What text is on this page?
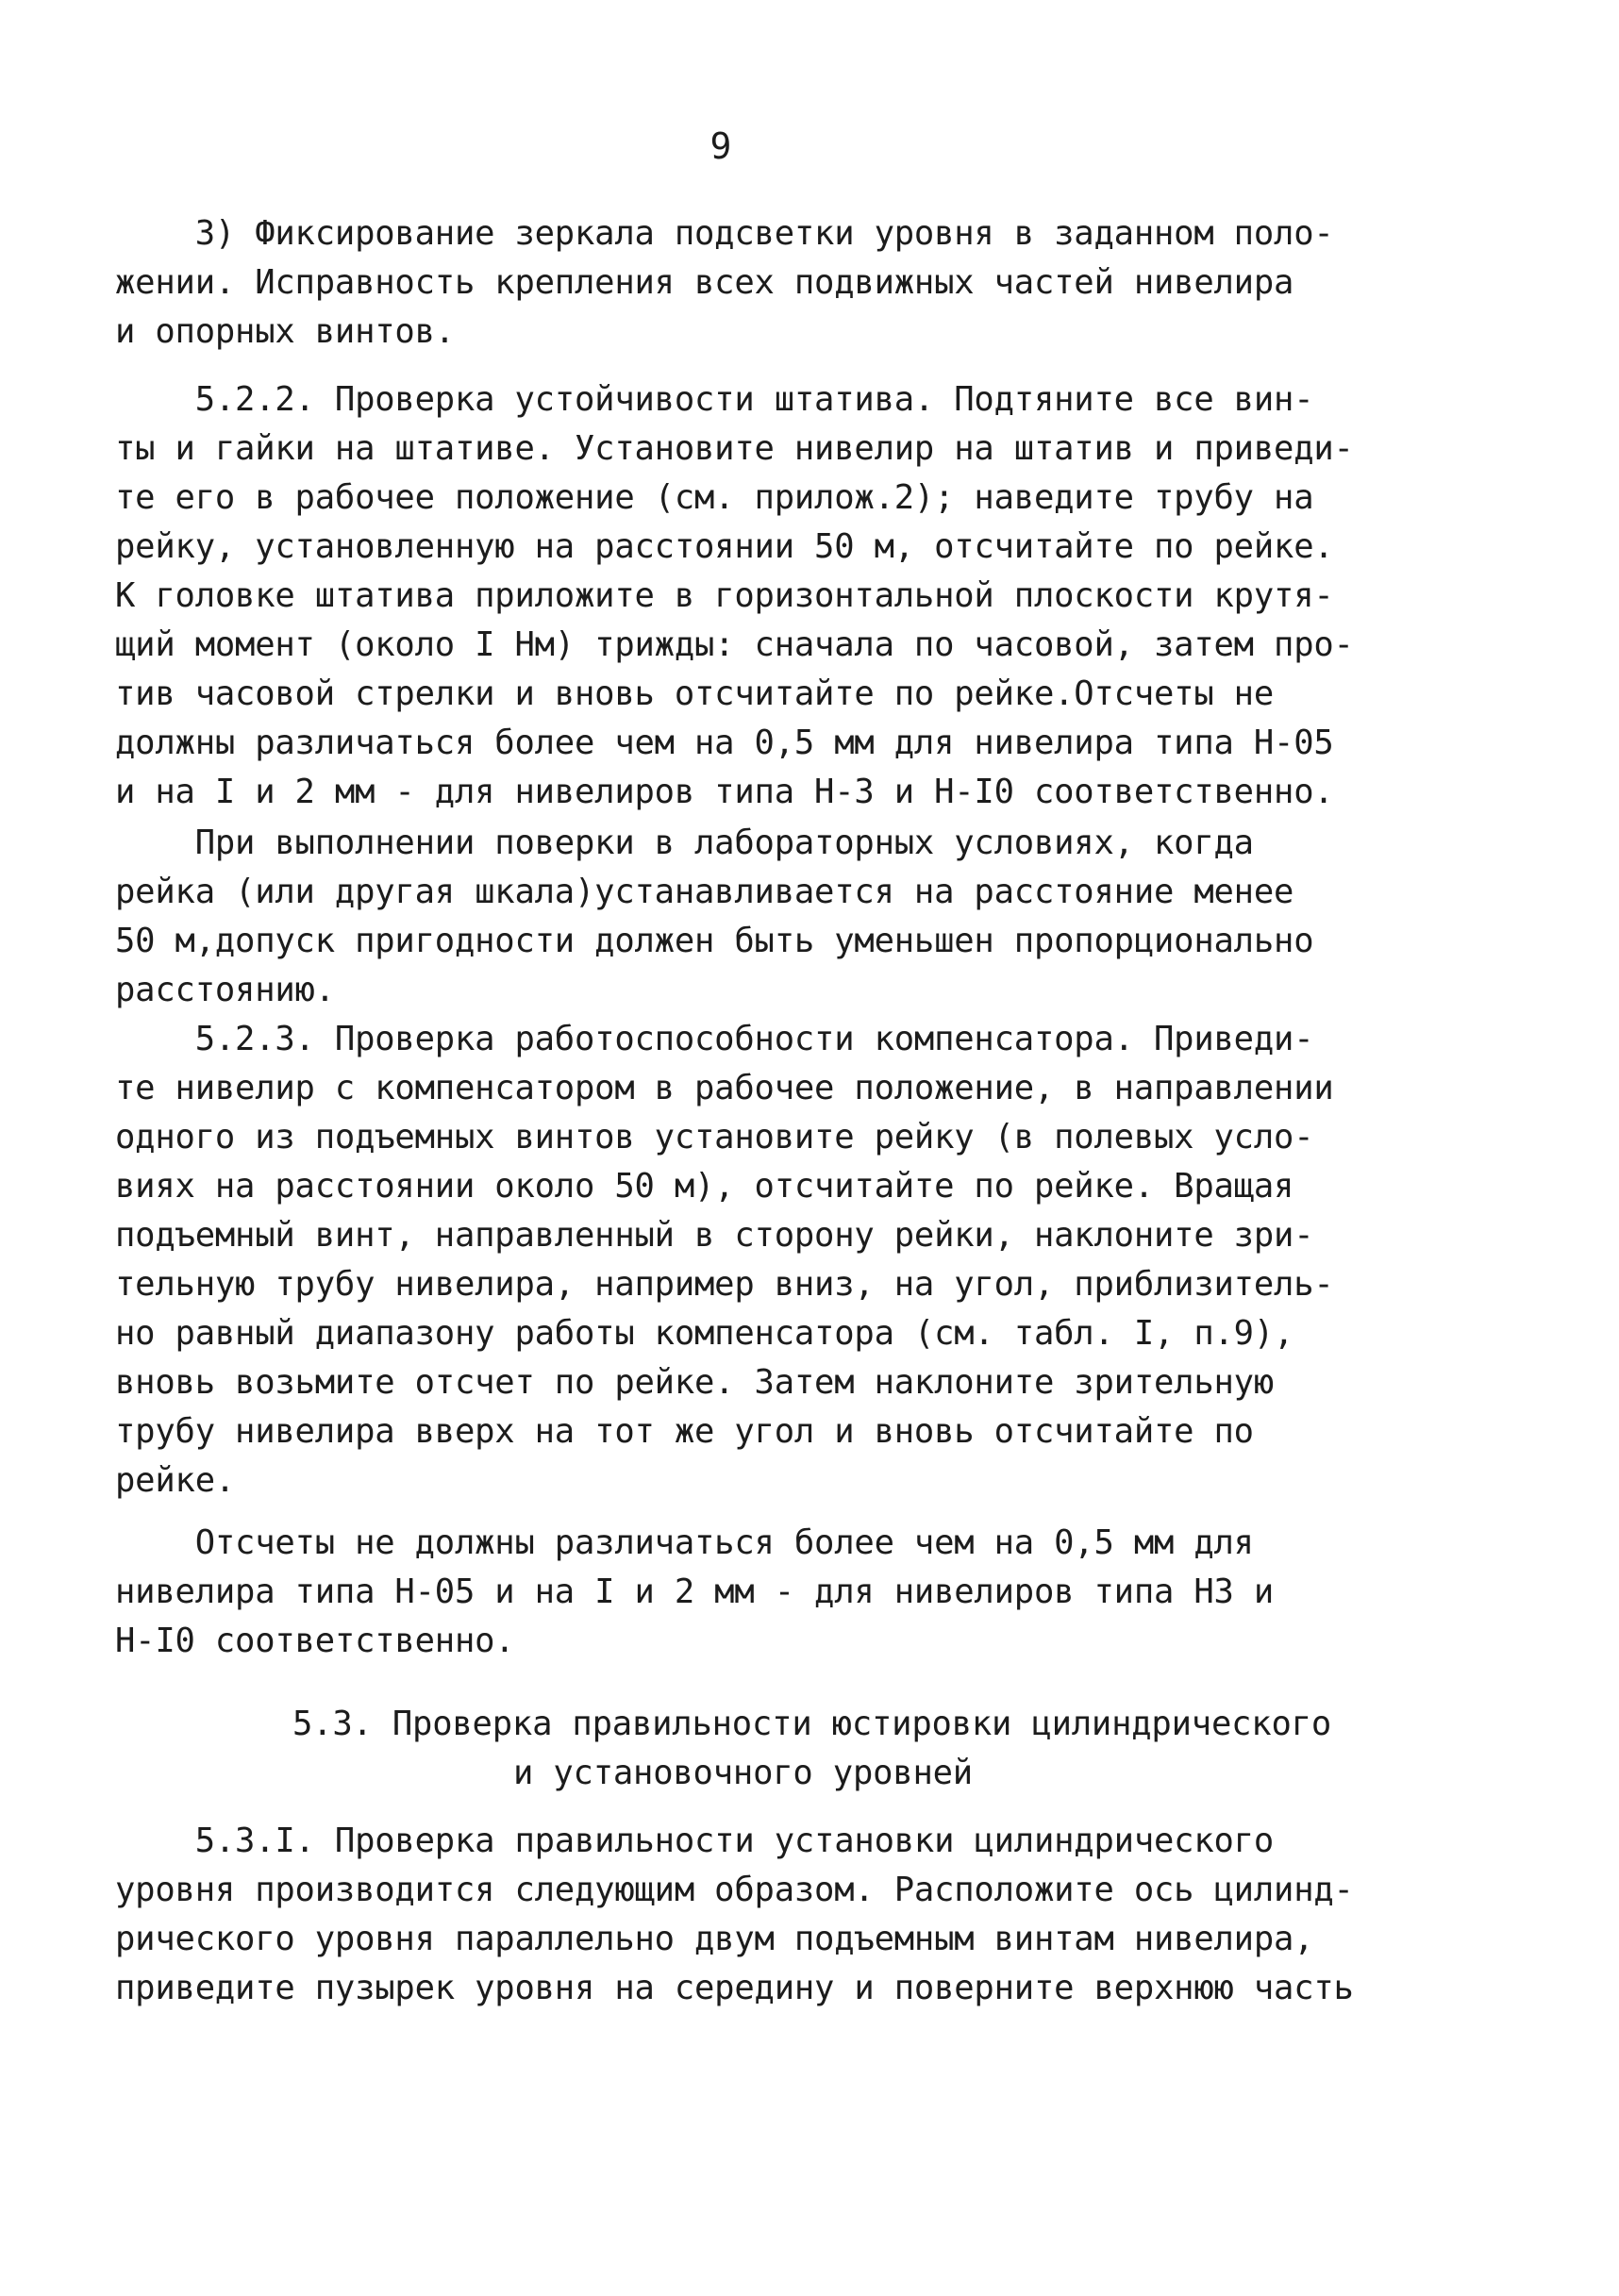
9
3) Фиксирование зеркала подсветки уровня в заданном поло-
жении. Исправность крепления всех подвижных частей нивелира
и опорных винтов.
5.2.2. Проверка устойчивости штатива. Подтяните все вин-
ты и гайки на штативе. Установите нивелир на штатив и приведи-
те его в рабочее положение (см. прилож.2); наведите трубу на
рейку, установленную на расстоянии 50 м, отсчитайте по рейке.
К головке штатива приложите в горизонтальной плоскости крутя-
щий момент (около I Нм) трижды: сначала по часовой, затем про-
тив часовой стрелки и вновь отсчитайте по рейке.Отсчеты не
должны различаться более чем на 0,5 мм для нивелира типа Н-05
и на I и 2 мм - для нивелиров типа Н-3 и Н-I0 соответственно.
При выполнении поверки в лабораторных условиях, когда
рейка (или другая шкала)устанавливается на расстояние менее
50 м,допуск пригодности должен быть уменьшен пропорционально
расстоянию.
5.2.3. Проверка работоспособности компенсатора. Приведи-
те нивелир с компенсатором в рабочее положение, в направлении
одного из подъемных винтов установите рейку (в полевых усло-
виях на расстоянии около 50 м), отсчитайте по рейке. Вращая
подъемный винт, направленный в сторону рейки, наклоните зри-
тельную трубу нивелира, например вниз, на угол, приблизитель-
но равный диапазону работы компенсатора (см. табл. I, п.9),
вновь возьмите отсчет по рейке. Затем наклоните зрительную
трубу нивелира вверх на тот же угол и вновь отсчитайте по
рейке.
Отсчеты не должны различаться более чем на 0,5 мм для
нивелира типа Н-05 и на I и 2 мм - для нивелиров типа Н3 и
Н-I0 соответственно.
5.3. Проверка правильности юстировки цилиндрического
и установочного уровней
5.3.I. Проверка правильности установки цилиндрического
уровня производится следующим образом. Расположите ось цилинд-
рического уровня параллельно двум подъемным винтам нивелира,
приведите пузырек уровня на середину и поверните верхнюю часть
